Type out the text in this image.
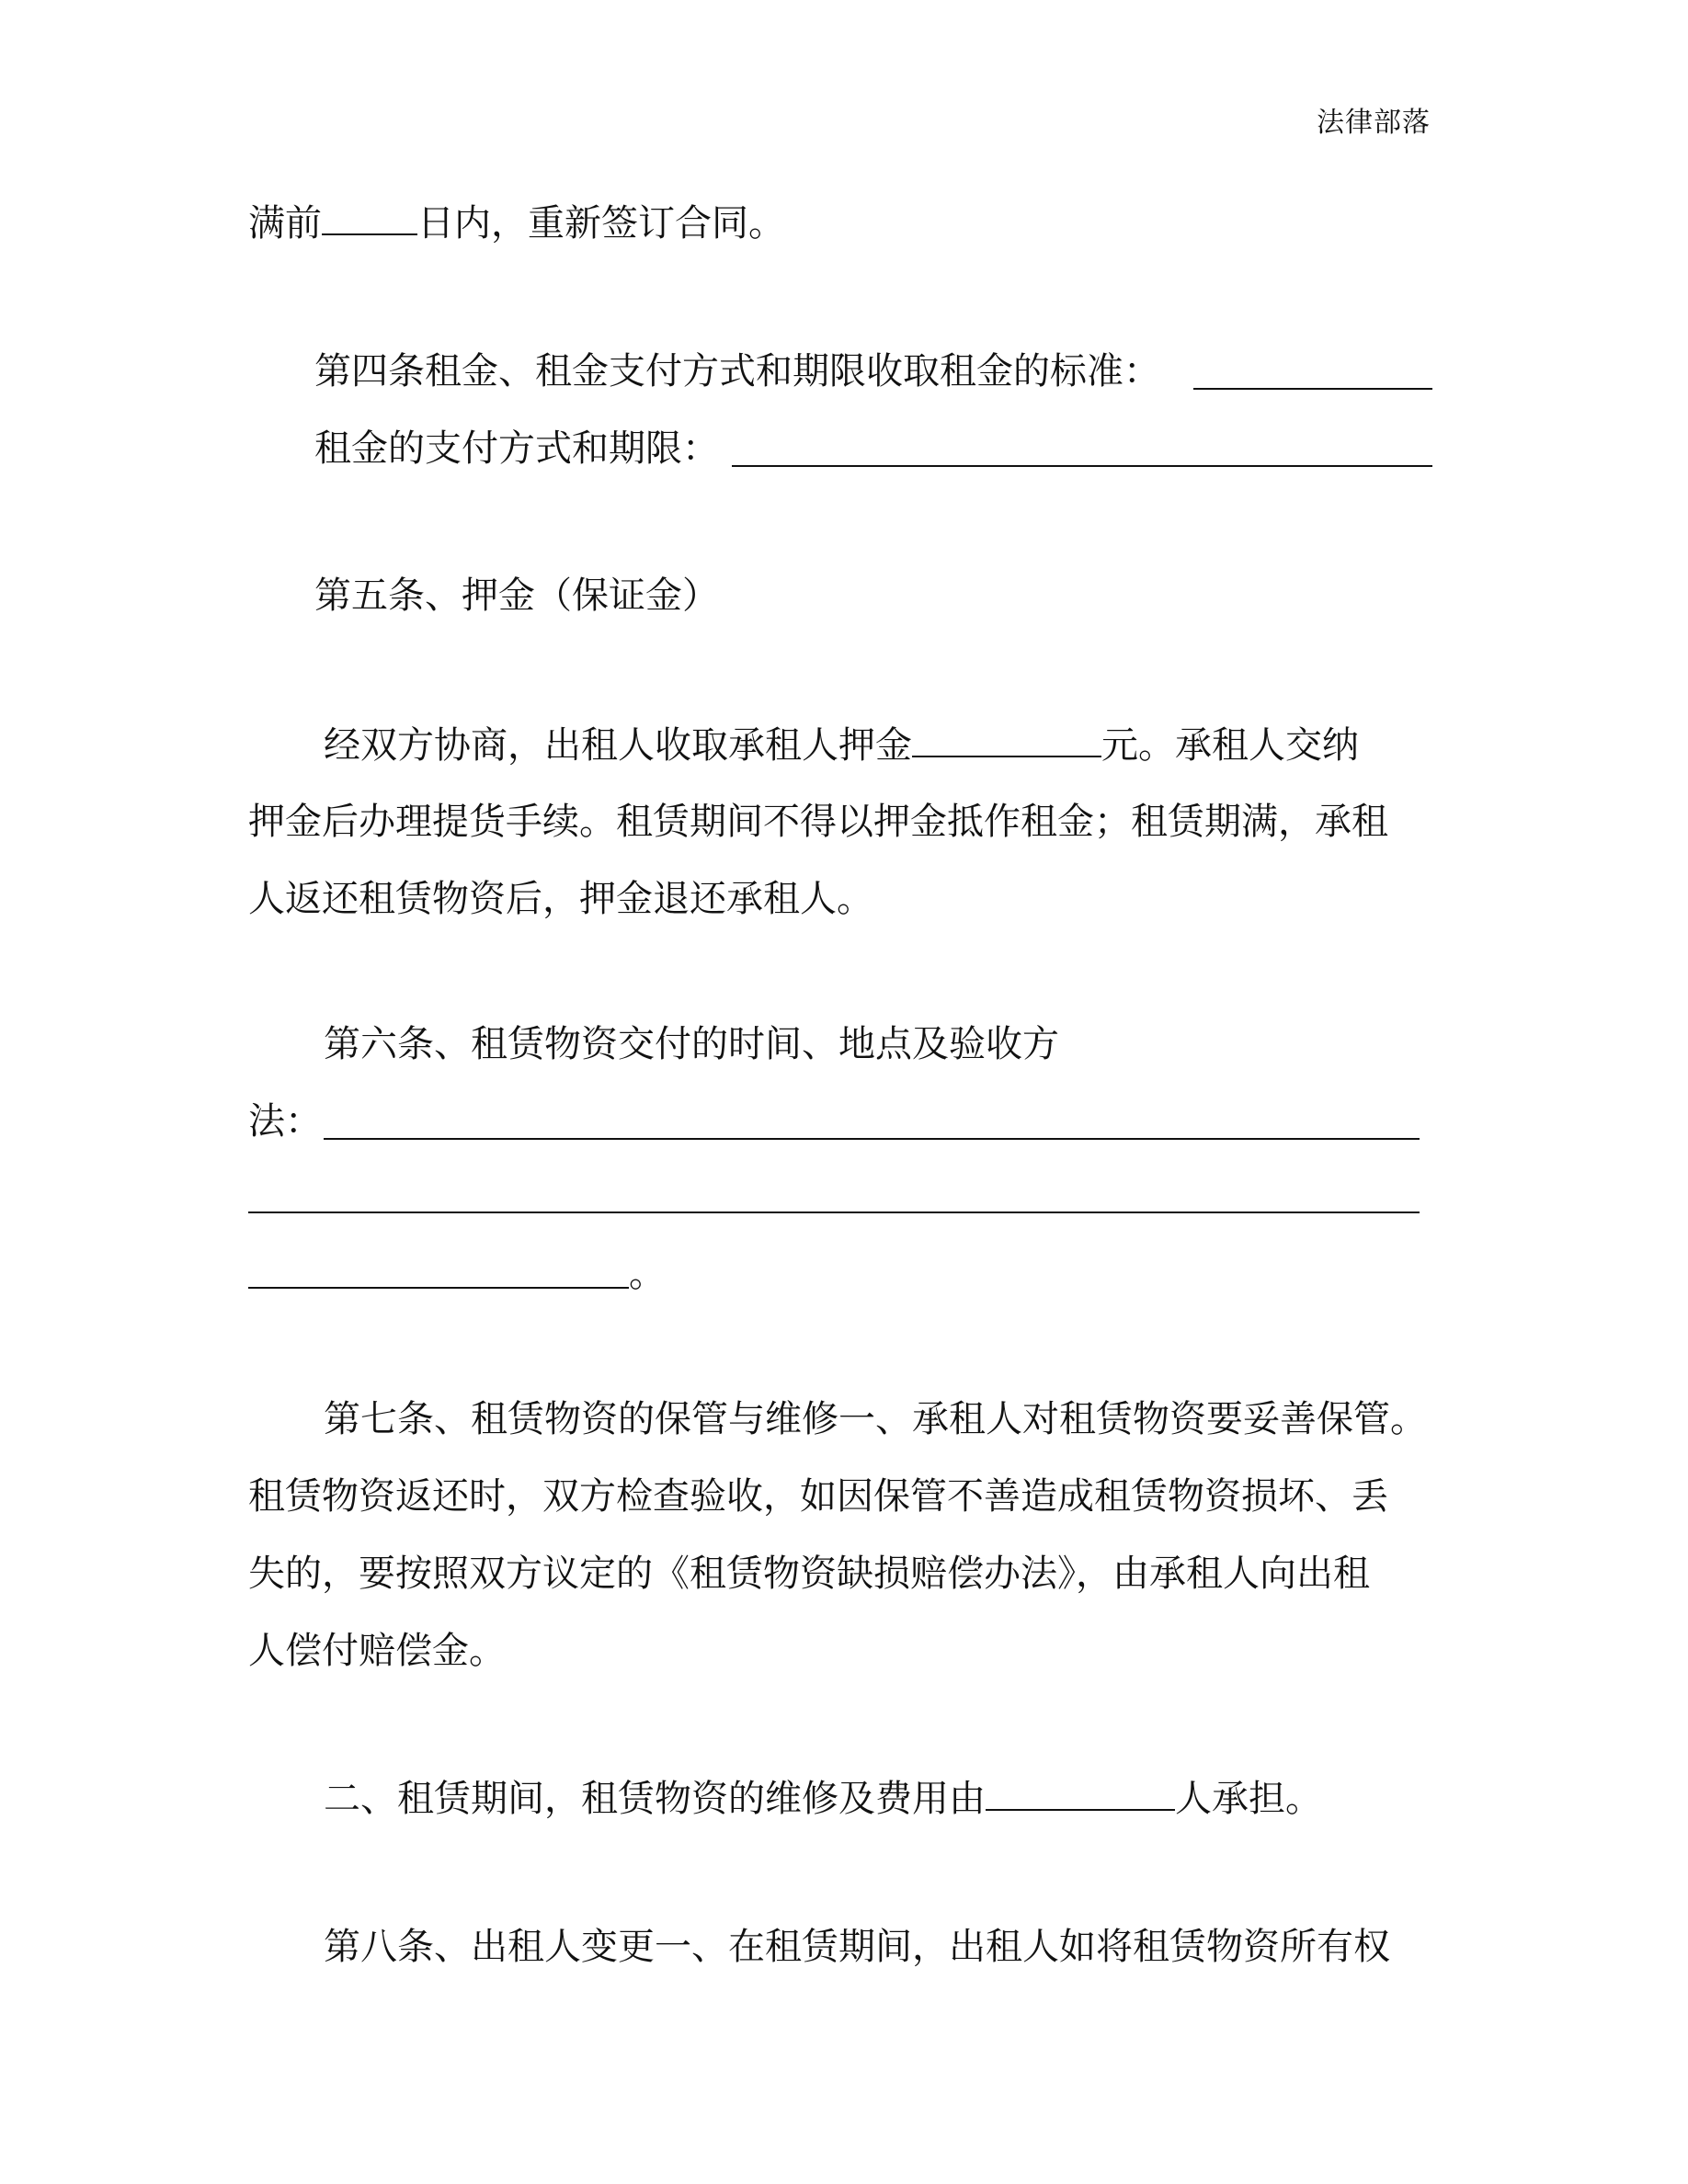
法律部落
满前	日内，重新签订合同。
第四条租金、租金支付方式和期限收取租金的标准：
租金的支付方式和期限：
第五条、押金（保证金）
经双方协商，出租人收取承租人押金	元。承租人交纳
押金后办理提货手续。租赁期间不得以押金抵作租金；租赁期满，承租
人返还租赁物资后，押金退还承租人。
第六条、租赁物资交付的时间、地点及验收方
法：
。
第七条、租赁物资的保管与维修一、承租人对租赁物资要妥善保管。
租赁物资返还时，双方检查验收，如因保管不善造成租赁物资损坏、丢
失的，要按照双方议定的《租赁物资缺损赔偿办法》，由承租人向出租
人偿付赔偿金。
二、租赁期间，租赁物资的维修及费用由	人承担。
第八条、出租人变更一、在租赁期间，出租人如将租赁物资所有权
